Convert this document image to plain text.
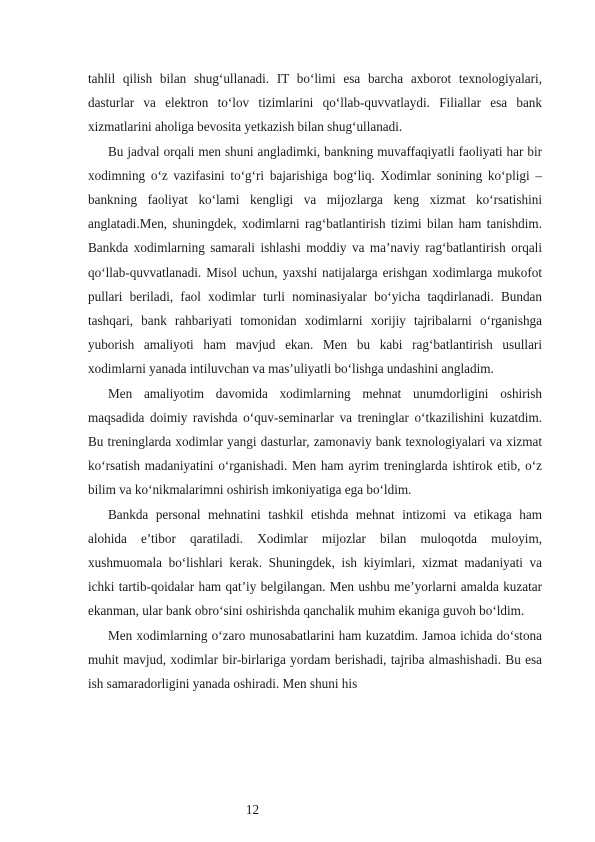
tahlil qilish bilan shug‘ullanadi. IT bo‘limi esa barcha axborot texnologiyalari, dasturlar va elektron to‘lov tizimlarini qo‘llab-quvvatlaydi. Filiallar esa bank xizmatlarini aholiga bevosita yetkazish bilan shug‘ullanadi.

Bu jadval orqali men shuni angladimki, bankning muvaffaqiyatli faoliyati har bir xodimning o‘z vazifasini to‘g‘ri bajarishiga bog‘liq. Xodimlar sonining ko‘pligi – bankning faoliyat ko‘lami kengligi va mijozlarga keng xizmat ko‘rsatishini anglatadi.Men, shuningdek, xodimlarni rag‘batlantirish tizimi bilan ham tanishdim. Bankda xodimlarning samarali ishlashi moddiy va ma’naviy rag‘batlantirish orqali qo‘llab-quvvatlanadi. Misol uchun, yaxshi natijalarga erishgan xodimlarga mukofot pullari beriladi, faol xodimlar turli nominasiyalar bo‘yicha taqdirlanadi. Bundan tashqari, bank rahbariyati tomonidan xodimlarni xorijiy tajribalarni o‘rganishga yuborish amaliyoti ham mavjud ekan. Men bu kabi rag‘batlantirish usullari xodimlarni yanada intiluvchan va mas’uliyatli bo‘lishga undashini angladim.

Men amaliyotim davomida xodimlarning mehnat unumdorligini oshirish maqsadida doimiy ravishda o‘quv-seminarlar va treninglar o‘tkazilishini kuzatdim. Bu treninglarda xodimlar yangi dasturlar, zamonaviy bank texnologiyalari va xizmat ko‘rsatish madaniyatini o‘rganishadi. Men ham ayrim treninglarda ishtirok etib, o‘z bilim va ko‘nikmalarimni oshirish imkoniyatiga ega bo‘ldim.

Bankda personal mehnatini tashkil etishda mehnat intizomi va etikaga ham alohida e’tibor qaratiladi. Xodimlar mijozlar bilan muloqotda muloyim, xushmuomala bo‘lishlari kerak. Shuningdek, ish kiyimlari, xizmat madaniyati va ichki tartib-qoidalar ham qat’iy belgilangan. Men ushbu me’yorlarni amalda kuzatar ekanman, ular bank obro‘sini oshirishda qanchalik muhim ekaniga guvoh bo‘ldim.

Men xodimlarning o‘zaro munosabatlarini ham kuzatdim. Jamoa ichida do‘stona muhit mavjud, xodimlar bir-birlariga yordam berishadi, tajriba almashishadi. Bu esa ish samaradorligini yanada oshiradi. Men shuni his

12
